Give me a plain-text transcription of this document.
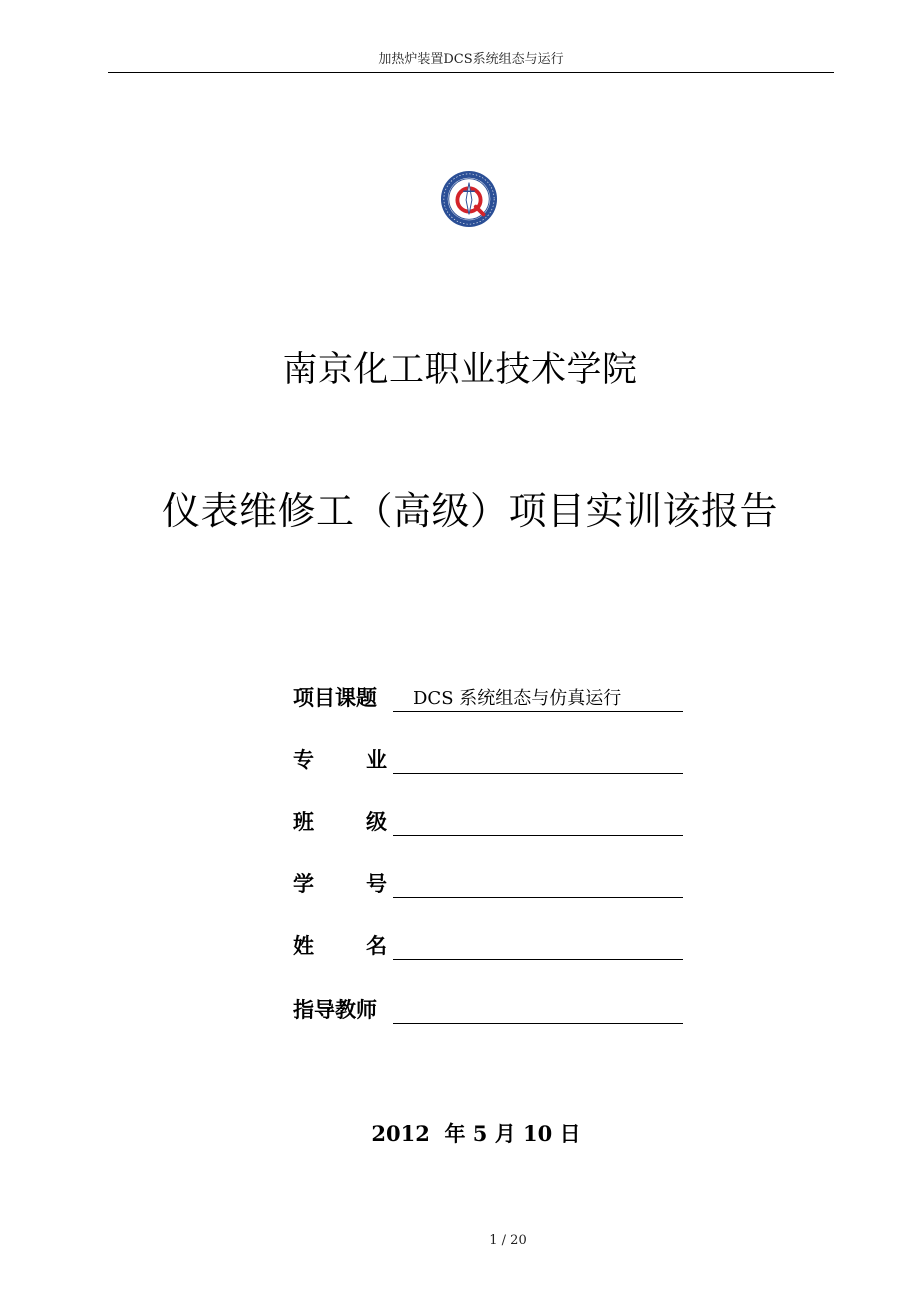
加热炉装置DCS系统组态与运行
南京化工职业技术学院
仪表维修工（高级）项目实训该报告
项目课题	DCS 系统组态与仿真运行
专 业
班 级
学 号
姓 名
指导教师
2012  年 5 月 10 日
1 / 20
